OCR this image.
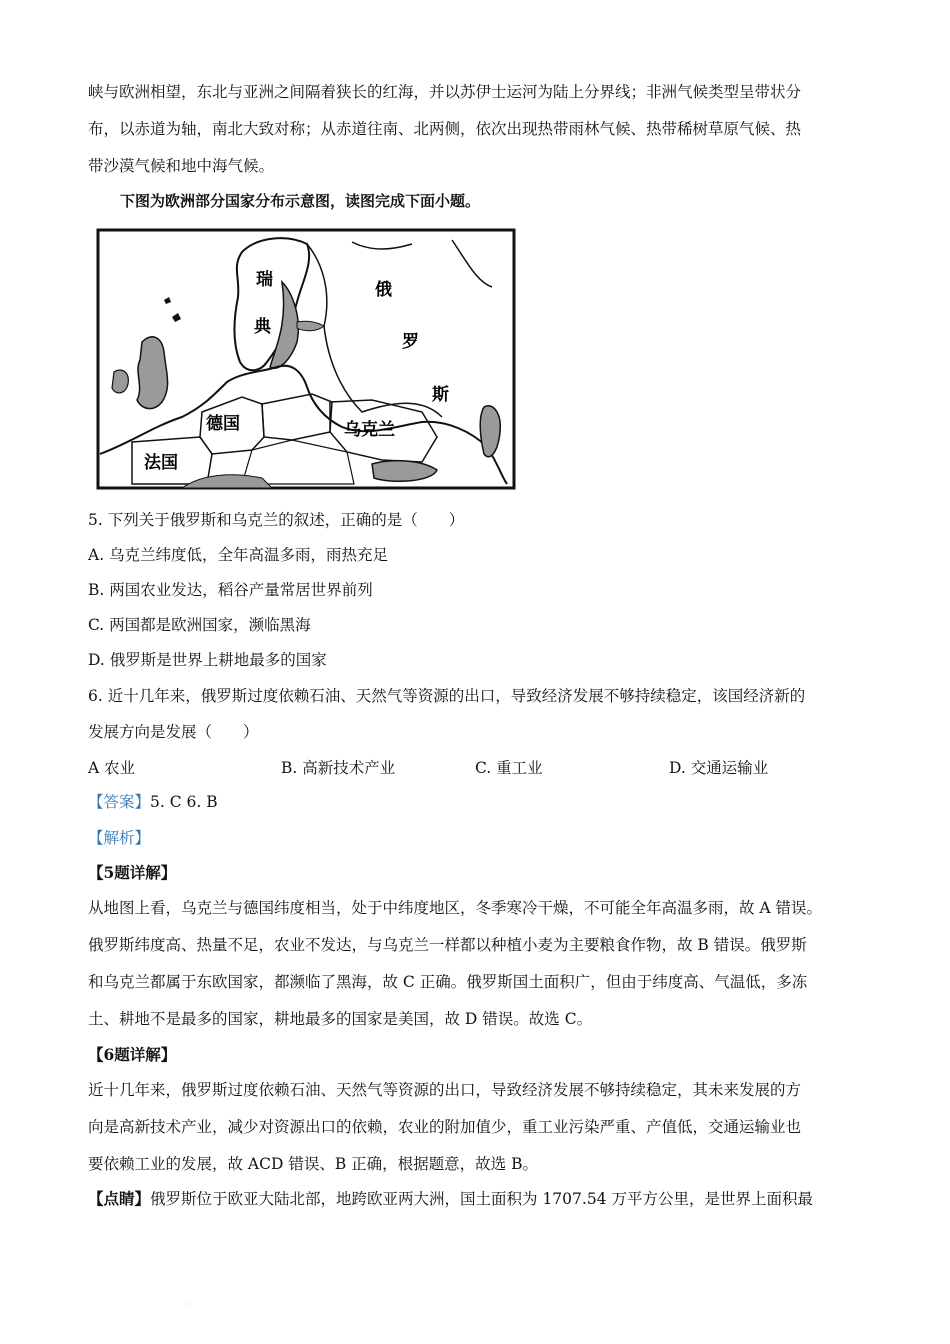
峡与欧洲相望，东北与亚洲之间隔着狭长的红海，并以苏伊士运河为陆上分界线；非洲气候类型呈带状分
布，以赤道为轴，南北大致对称；从赤道往南、北两侧，依次出现热带雨林气候、热带稀树草原气候、热
带沙漠气候和地中海气候。
下图为欧洲部分国家分布示意图，读图完成下面小题。
瑞
典
俄
罗
斯
德国	乌克兰
法国
5. 下列关于俄罗斯和乌克兰的叙述，正确的是（　　）
A. 乌克兰纬度低，全年高温多雨，雨热充足
B. 两国农业发达，稻谷产量常居世界前列
C. 两国都是欧洲国家，濒临黑海
D. 俄罗斯是世界上耕地最多的国家
6. 近十几年来，俄罗斯过度依赖石油、天然气等资源的出口，导致经济发展不够持续稳定，该国经济新的
发展方向是发展（　　）
A 农业	B. 高新技术产业	C. 重工业	D. 交通运输业
【答案】5. C 6. B
【解析】
【5题详解】
从地图上看，乌克兰与德国纬度相当，处于中纬度地区，冬季寒冷干燥，不可能全年高温多雨，故 A 错误。
俄罗斯纬度高、热量不足，农业不发达，与乌克兰一样都以种植小麦为主要粮食作物，故 B 错误。俄罗斯
和乌克兰都属于东欧国家，都濒临了黑海，故 C 正确。俄罗斯国土面积广，但由于纬度高、气温低，多冻
土、耕地不是最多的国家，耕地最多的国家是美国，故 D 错误。故选 C。
【6题详解】
近十几年来，俄罗斯过度依赖石油、天然气等资源的出口，导致经济发展不够持续稳定，其未来发展的方
向是高新技术产业，减少对资源出口的依赖，农业的附加值少，重工业污染严重、产值低，交通运输业也
要依赖工业的发展，故 ACD 错误、B 正确，根据题意，故选 B。
【点睛】俄罗斯位于欧亚大陆北部，地跨欧亚两大洲，国土面积为 1707.54 万平方公里，是世界上面积最
·
